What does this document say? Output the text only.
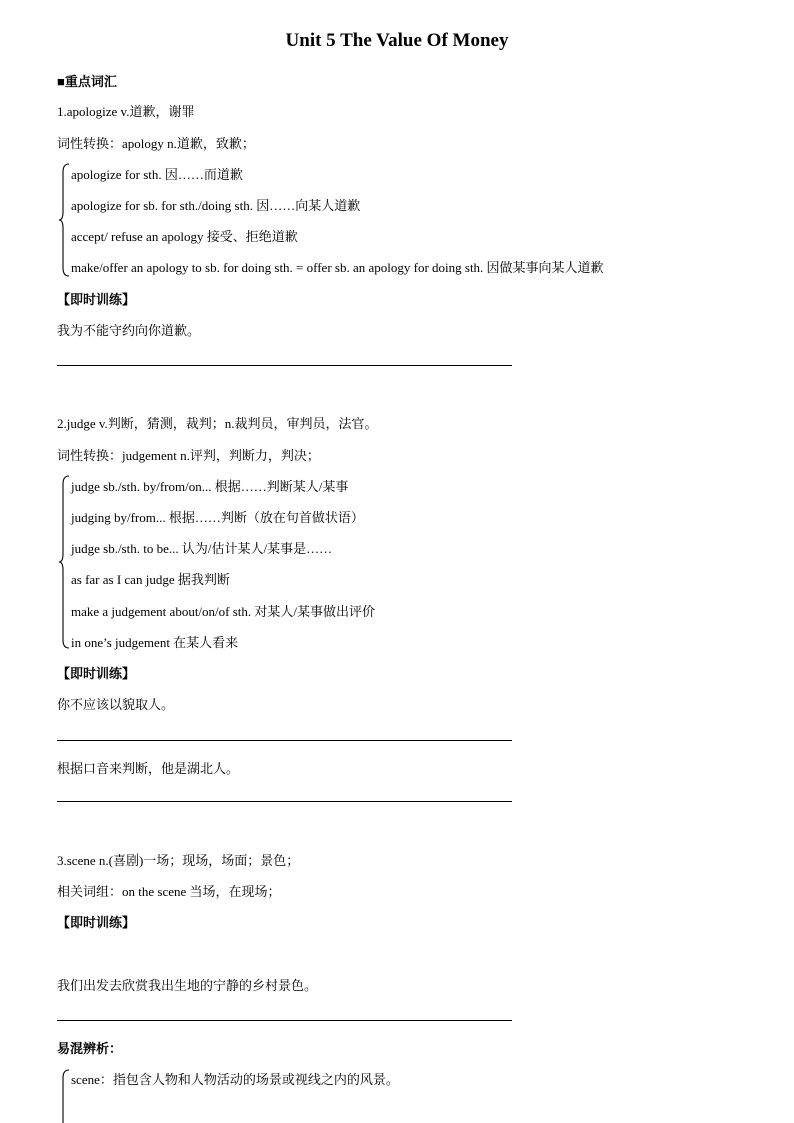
Unit 5 The Value Of Money
■重点词汇
1.apologize v.道歉，谢罪
词性转换：apology n.道歉，致歉；
apologize for sth. 因……而道歉
apologize for sb. for sth./doing sth. 因……向某人道歉
accept/ refuse an apology 接受、拒绝道歉
make/offer an apology to sb. for doing sth. = offer sb. an apology for doing sth. 因做某事向某人道歉
【即时训练】
我为不能守约向你道歉。
2.judge v.判断，猜测，裁判；n.裁判员，审判员，法官。
词性转换：judgement n.评判，判断力，判决；
judge sb./sth. by/from/on... 根据……判断某人/某事
judging by/from... 根据……判断（放在句首做状语）
judge sb./sth. to be... 认为/估计某人/某事是……
as far as I can judge 据我判断
make a judgement about/on/of sth. 对某人/某事做出评价
in one’s judgement 在某人看来
【即时训练】
你不应该以貌取人。
根据口音来判断，他是湖北人。
3.scene n.(喜剧)一场；现场，场面；景色；
相关词组：on the scene 当场，在现场；
【即时训练】
我们出发去欣赏我出生地的宁静的乡村景色。
易混辨析：
scene：指包含人物和人物活动的场景或视线之内的风景。
